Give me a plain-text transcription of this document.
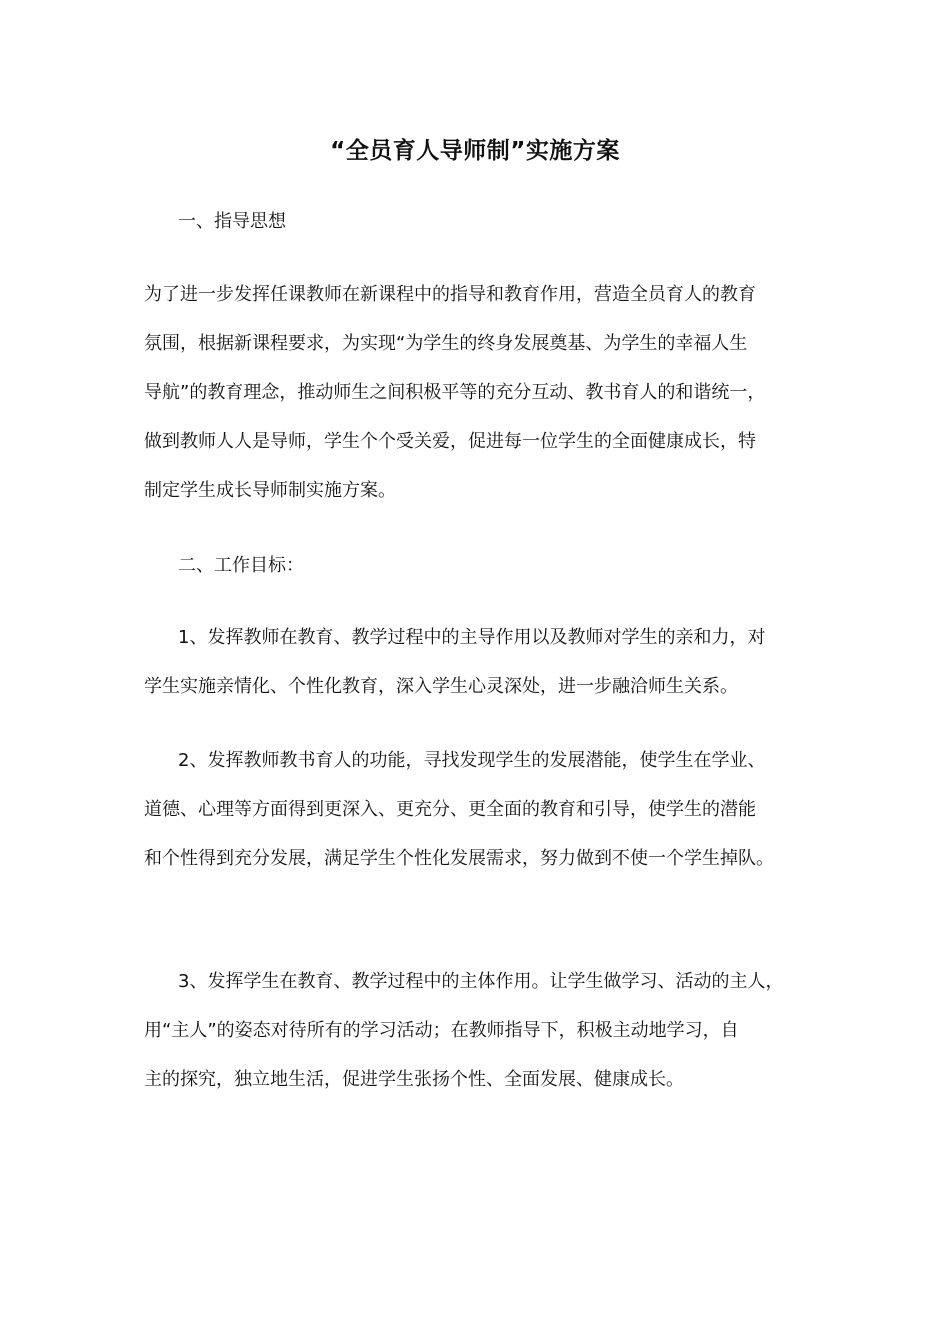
“全员育人导师制”实施方案
一、指导思想
为了进一步发挥任课教师在新课程中的指导和教育作用，营造全员育人的教育
氛围，根据新课程要求，为实现“为学生的终身发展奠基、为学生的幸福人生
导航”的教育理念，推动师生之间积极平等的充分互动、教书育人的和谐统一，
做到教师人人是导师，学生个个受关爱，促进每一位学生的全面健康成长，特
制定学生成长导师制实施方案。
二、工作目标：
1、发挥教师在教育、教学过程中的主导作用以及教师对学生的亲和力，对
学生实施亲情化、个性化教育，深入学生心灵深处，进一步融洽师生关系。
2、发挥教师教书育人的功能，寻找发现学生的发展潜能，使学生在学业、
道德、心理等方面得到更深入、更充分、更全面的教育和引导，使学生的潜能
和个性得到充分发展，满足学生个性化发展需求，努力做到不使一个学生掉队。
3、发挥学生在教育、教学过程中的主体作用。让学生做学习、活动的主人，
用“主人”的姿态对待所有的学习活动；在教师指导下，积极主动地学习，自
主的探究，独立地生活，促进学生张扬个性、全面发展、健康成长。
